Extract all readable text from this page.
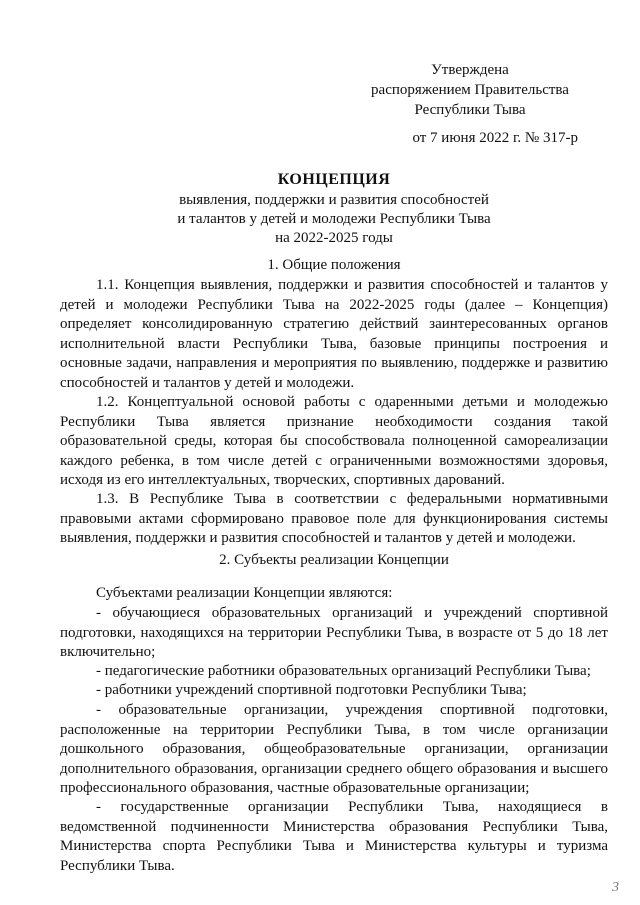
Утверждена
распоряжением Правительства
Республики Тыва
от 7 июня 2022 г. № 317-р
КОНЦЕПЦИЯ
выявления, поддержки и развития способностей
и талантов у детей и молодежи Республики Тыва
на 2022-2025 годы
1. Общие положения

1.1. Концепция выявления, поддержки и развития способностей и талантов у детей и молодежи Республики Тыва на 2022-2025 годы (далее – Концепция) определяет консолидированную стратегию действий заинтересованных органов исполнительной власти Республики Тыва, базовые принципы построения и основные задачи, направления и мероприятия по выявлению, поддержке и развитию способностей и талантов у детей и молодежи.

1.2. Концептуальной основой работы с одаренными детьми и молодежью Республики Тыва является признание необходимости создания такой образовательной среды, которая бы способствовала полноценной самореализации каждого ребенка, в том числе детей с ограниченными возможностями здоровья, исходя из его интеллектуальных, творческих, спортивных дарований.

1.3. В Республике Тыва в соответствии с федеральными нормативными правовыми актами сформировано правовое поле для функционирования системы выявления, поддержки и развития способностей и талантов у детей и молодежи.

2. Субъекты реализации Концепции

Субъектами реализации Концепции являются:

- обучающиеся образовательных организаций и учреждений спортивной подготовки, находящихся на территории Республики Тыва, в возрасте от 5 до 18 лет включительно;

- педагогические работники образовательных организаций Республики Тыва;

- работники учреждений спортивной подготовки Республики Тыва;

- образовательные организации, учреждения спортивной подготовки, расположенные на территории Республики Тыва, в том числе организации дошкольного образования, общеобразовательные организации, организации дополнительного образования, организации среднего общего образования и высшего профессионального образования, частные образовательные организации;

- государственные организации Республики Тыва, находящиеся в ведомственной подчиненности Министерства образования Республики Тыва, Министерства спорта Республики Тыва и Министерства культуры и туризма Республики Тыва.

3
